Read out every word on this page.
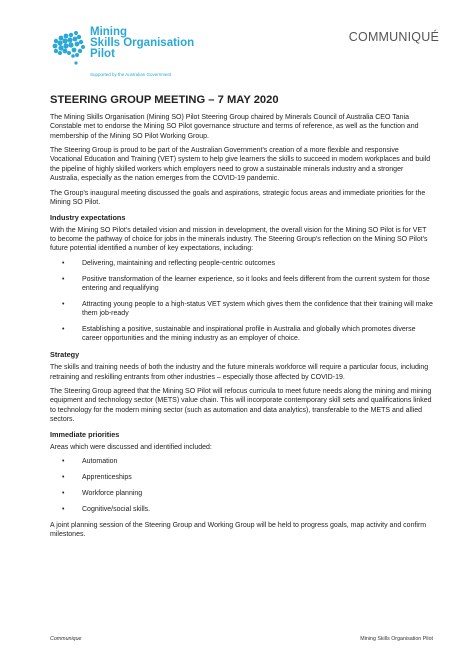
Mining
Skills Organisation
Pilot
Supported by the Australian Government
COMMUNIQUÉ
STEERING GROUP MEETING – 7 MAY 2020

The Mining Skills Organisation (Mining SO) Pilot Steering Group chaired by Minerals Council of Australia CEO Tania Constable met to endorse the Mining SO Pilot governance structure and terms of reference, as well as the function and membership of the Mining SO Pilot Working Group.

The Steering Group is proud to be part of the Australian Government's creation of a more flexible and responsive Vocational Education and Training (VET) system to help give learners the skills to succeed in modern workplaces and build the pipeline of highly skilled workers which employers need to grow a sustainable minerals industry and a stronger Australia, especially as the nation emerges from the COVID-19 pandemic.

The Group's inaugural meeting discussed the goals and aspirations, strategic focus areas and immediate priorities for the Mining SO Pilot.

Industry expectations

With the Mining SO Pilot's detailed vision and mission in development, the overall vision for the Mining SO Pilot is for VET to become the pathway of choice for jobs in the minerals industry. The Steering Group's reflection on the Mining SO Pilot's future potential identified a number of key expectations, including:

• Delivering, maintaining and reflecting people-centric outcomes
• Positive transformation of the learner experience, so it looks and feels different from the current system for those entering and requalifying
• Attracting young people to a high-status VET system which gives them the confidence that their training will make them job-ready
• Establishing a positive, sustainable and inspirational profile in Australia and globally which promotes diverse career opportunities and the mining industry as an employer of choice.
Strategy

The skills and training needs of both the industry and the future minerals workforce will require a particular focus, including retraining and reskilling entrants from other industries – especially those affected by COVID-19.

The Steering Group agreed that the Mining SO Pilot will refocus curricula to meet future needs along the mining and mining equipment and technology sector (METS) value chain. This will incorporate contemporary skill sets and qualifications linked to technology for the modern mining sector (such as automation and data analytics), transferable to the METS and allied sectors.

Immediate priorities

Areas which were discussed and identified included:

• Automation
• Apprenticeships
• Workforce planning
• Cognitive/social skills.

A joint planning session of the Steering Group and Working Group will be held to progress goals, map activity and confirm milestones.

Communique	Mining Skills Organisation Pilot
